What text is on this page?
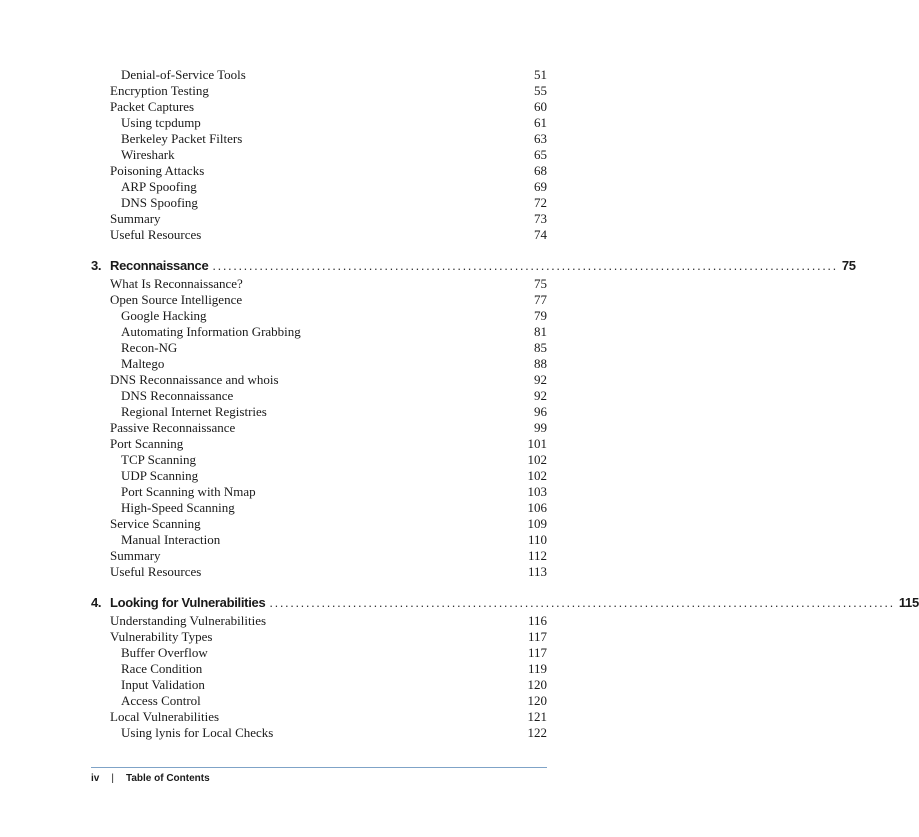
Denial-of-Service Tools	51
Encryption Testing	55
Packet Captures	60
Using tcpdump	61
Berkeley Packet Filters	63
Wireshark	65
Poisoning Attacks	68
ARP Spoofing	69
DNS Spoofing	72
Summary	73
Useful Resources	74
3. Reconnaissance ........................................................................................................................ 75
What Is Reconnaissance?	75
Open Source Intelligence	77
Google Hacking	79
Automating Information Grabbing	81
Recon-NG	85
Maltego	88
DNS Reconnaissance and whois	92
DNS Reconnaissance	92
Regional Internet Registries	96
Passive Reconnaissance	99
Port Scanning	101
TCP Scanning	102
UDP Scanning	102
Port Scanning with Nmap	103
High-Speed Scanning	106
Service Scanning	109
Manual Interaction	110
Summary	112
Useful Resources	113
4. Looking for Vulnerabilities ........................................................................................................................ 115
Understanding Vulnerabilities	116
Vulnerability Types	117
Buffer Overflow	117
Race Condition	119
Input Validation	120
Access Control	120
Local Vulnerabilities	121
Using lynis for Local Checks	122
iv | Table of Contents
